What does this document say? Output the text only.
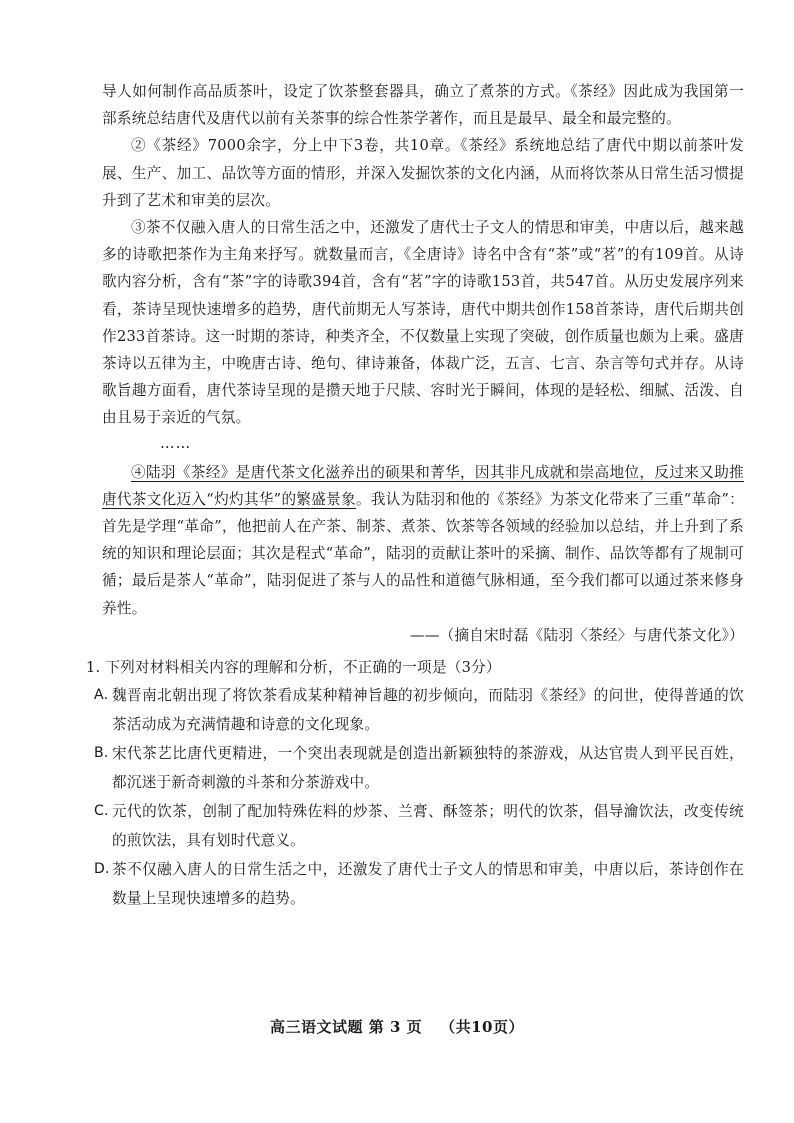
导人如何制作高品质茶叶，设定了饮茶整套器具，确立了煮茶的方式。《茶经》因此成为我国第一部系统总结唐代及唐代以前有关茶事的综合性茶学著作，而且是最早、最全和最完整的。

②《茶经》7000余字，分上中下3卷，共10章。《茶经》系统地总结了唐代中期以前茶叶发展、生产、加工、品饮等方面的情形，并深入发掘饮茶的文化内涵，从而将饮茶从日常生活习惯提升到了艺术和审美的层次。

③茶不仅融入唐人的日常生活之中，还激发了唐代士子文人的情思和审美，中唐以后，越来越多的诗歌把茶作为主角来抒写。就数量而言，《全唐诗》诗名中含有“茶”或“茗”的有109首。从诗歌内容分析，含有“茶”字的诗歌394首，含有“茗”字的诗歌153首，共547首。从历史发展序列来看，茶诗呈现快速增多的趋势，唐代前期无人写茶诗，唐代中期共创作158首茶诗，唐代后期共创作233首茶诗。这一时期的茶诗，种类齐全，不仅数量上实现了突破，创作质量也颇为上乘。盛唐茶诗以五律为主，中晚唐古诗、绝句、律诗兼备，体裁广泛，五言、七言、杂言等句式并存。从诗歌旨趣方面看，唐代茶诗呈现的是攒天地于尺牍、容时光于瞬间，体现的是轻松、细腻、活泼、自由且易于亲近的气氛。

……

④陆羽《茶经》是唐代茶文化滋养出的硕果和菁华，因其非凡成就和崇高地位，反过来又助推唐代茶文化迈入“灼灼其华”的繁盛景象。我认为陆羽和他的《茶经》为茶文化带来了三重“革命”：首先是学理“革命”，他把前人在产茶、制茶、煮茶、饮茶等各领域的经验加以总结，并上升到了系统的知识和理论层面；其次是程式“革命”，陆羽的贡献让茶叶的采摘、制作、品饮等都有了规制可循；最后是茶人“革命”，陆羽促进了茶与人的品性和道德气脉相通，至今我们都可以通过茶来修身养性。

——（摘自宋时磊《陆羽〈茶经〉与唐代茶文化》）

1. 下列对材料相关内容的理解和分析，不正确的一项是（3分）

A. 魏晋南北朝出现了将饮茶看成某种精神旨趣的初步倾向，而陆羽《茶经》的问世，使得普通的饮茶活动成为充满情趣和诗意的文化现象。
B. 宋代茶艺比唐代更精进，一个突出表现就是创造出新颖独特的茶游戏，从达官贵人到平民百姓，都沉迷于新奇刺激的斗茶和分茶游戏中。
C. 元代的饮茶，创制了配加特殊佐料的炒茶、兰膏、酥签茶；明代的饮茶，倡导瀹饮法，改变传统的煎饮法，具有划时代意义。
D. 茶不仅融入唐人的日常生活之中，还激发了唐代士子文人的情思和审美，中唐以后，茶诗创作在数量上呈现快速增多的趋势。
高三语文试题 第 3 页 （共10页）
